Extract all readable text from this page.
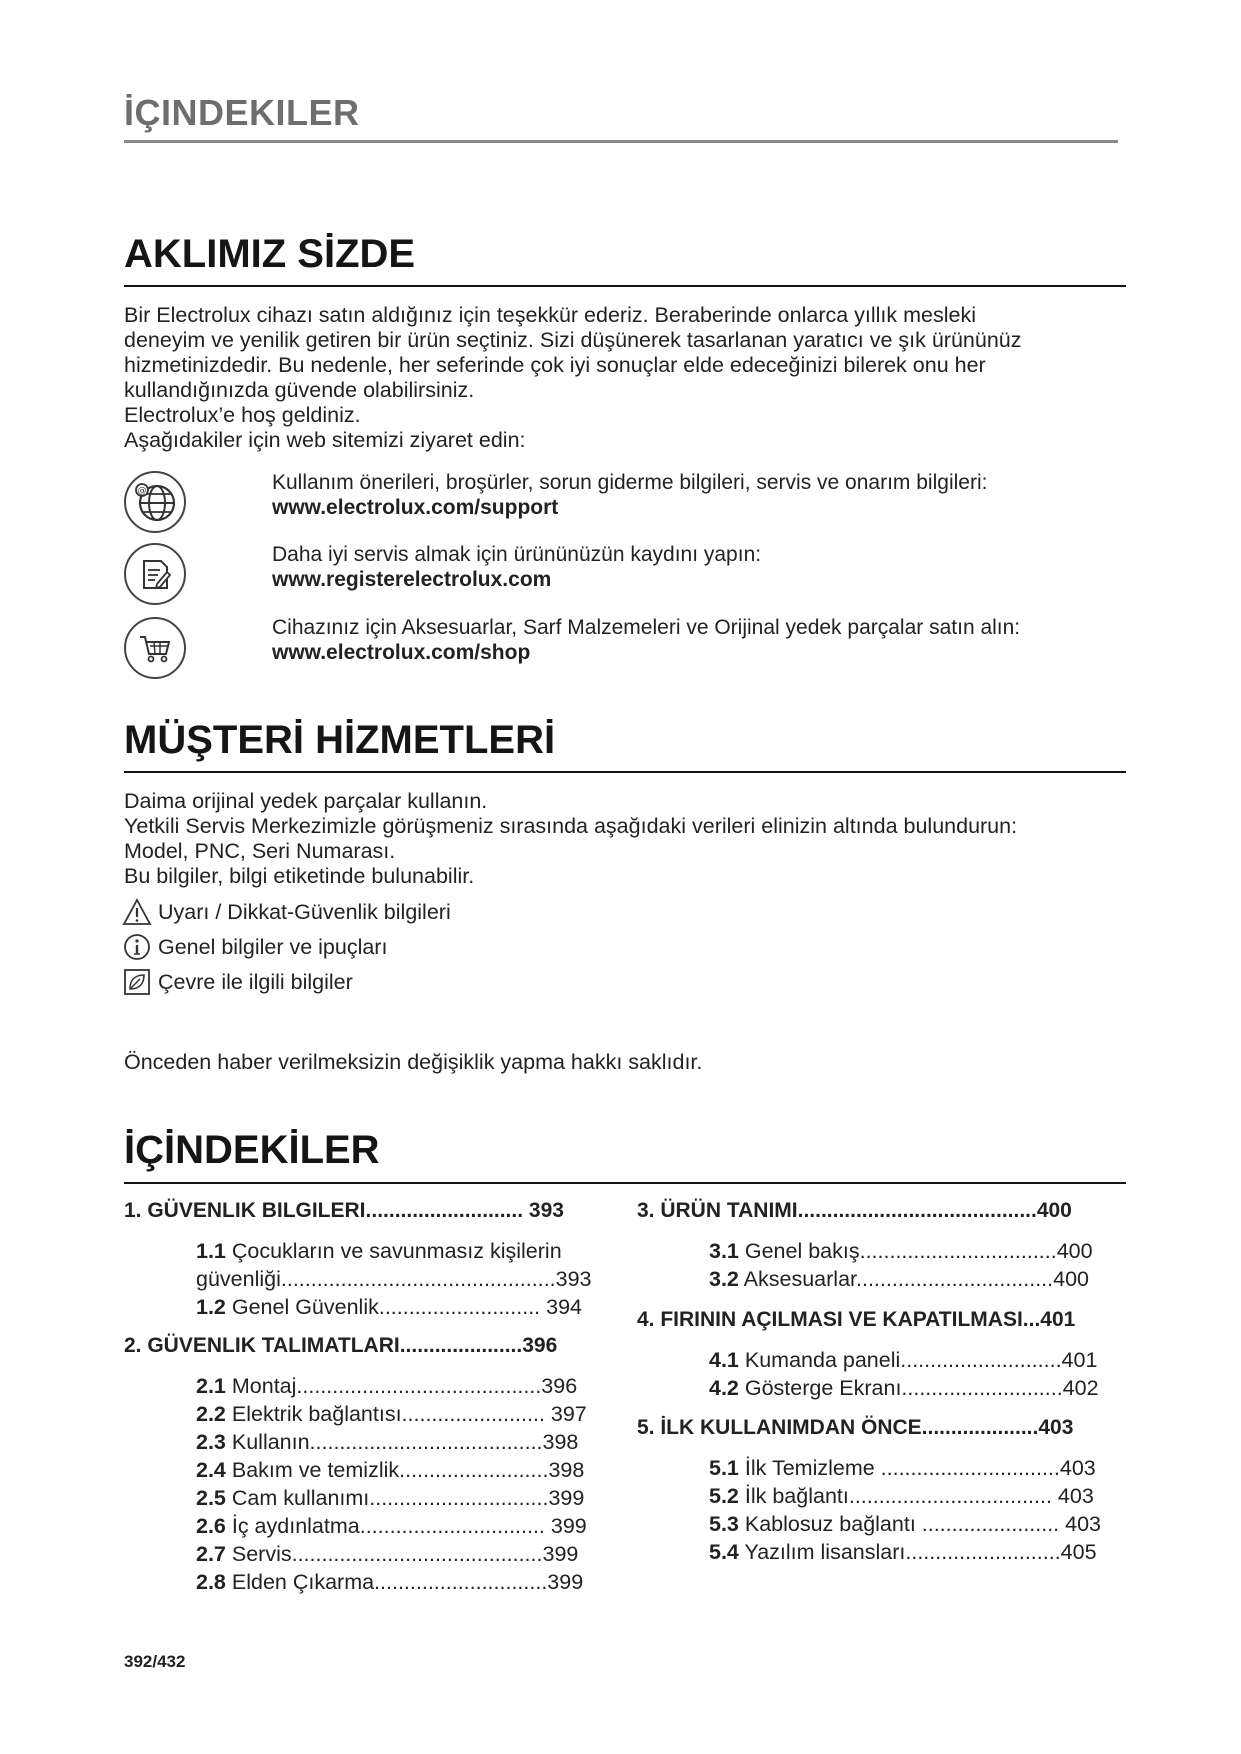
İÇINDEKILER
AKLIMIZ SİZDE
Bir Electrolux cihazı satın aldığınız için teşekkür ederiz. Beraberinde onlarca yıllık mesleki
deneyim ve yenilik getiren bir ürün seçtiniz. Sizi düşünerek tasarlanan yaratıcı ve şık ürününüz
hizmetinizdedir. Bu nedenle, her seferinde çok iyi sonuçlar elde edeceğinizi bilerek onu her
kullandığınızda güvende olabilirsiniz.
Electrolux’e hoş geldiniz.
Aşağıdakiler için web sitemizi ziyaret edin:
@	Kullanım önerileri, broşürler, sorun giderme bilgileri, servis ve onarım bilgileri:
www.electrolux.com/support
Daha iyi servis almak için ürününüzün kaydını yapın:
www.registerelectrolux.com
Cihazınız için Aksesuarlar, Sarf Malzemeleri ve Orijinal yedek parçalar satın alın:
www.electrolux.com/shop
MÜŞTERİ HİZMETLERİ
Daima orijinal yedek parçalar kullanın.
Yetkili Servis Merkezimizle görüşmeniz sırasında aşağıdaki verileri elinizin altında bulundurun:
Model, PNC, Seri Numarası.
Bu bilgiler, bilgi etiketinde bulunabilir.
Uyarı / Dikkat-Güvenlik bilgileri
Genel bilgiler ve ipuçları
Çevre ile ilgili bilgiler
Önceden haber verilmeksizin değişiklik yapma hakkı saklıdır.
İÇİNDEKİLER
1. GÜVENLIK BILGILERI........................... 393
1.1 Çocukların ve savunmasız kişilerin
güvenliği..............................................393
1.2 Genel Güvenlik........................... 394
2. GÜVENLIK TALIMATLARI.....................396
2.1 Montaj.........................................396
2.2 Elektrik bağlantısı........................ 397
2.3 Kullanın.......................................398
2.4 Bakım ve temizlik.........................398
2.5 Cam kullanımı..............................399
2.6 İç aydınlatma............................... 399
2.7 Servis..........................................399
2.8 Elden Çıkarma.............................399
3. ÜRÜN TANIMI.........................................400
3.1 Genel bakış.................................400
3.2 Aksesuarlar.................................400
4. FIRININ AÇILMASI VE KAPATILMASI...401
4.1 Kumanda paneli...........................401
4.2 Gösterge Ekranı...........................402
5. İLK KULLANIMDAN ÖNCE....................403
5.1 İlk Temizleme ..............................403
5.2 İlk bağlantı.................................. 403
5.3 Kablosuz bağlantı ....................... 403
5.4 Yazılım lisansları..........................405
392/432
